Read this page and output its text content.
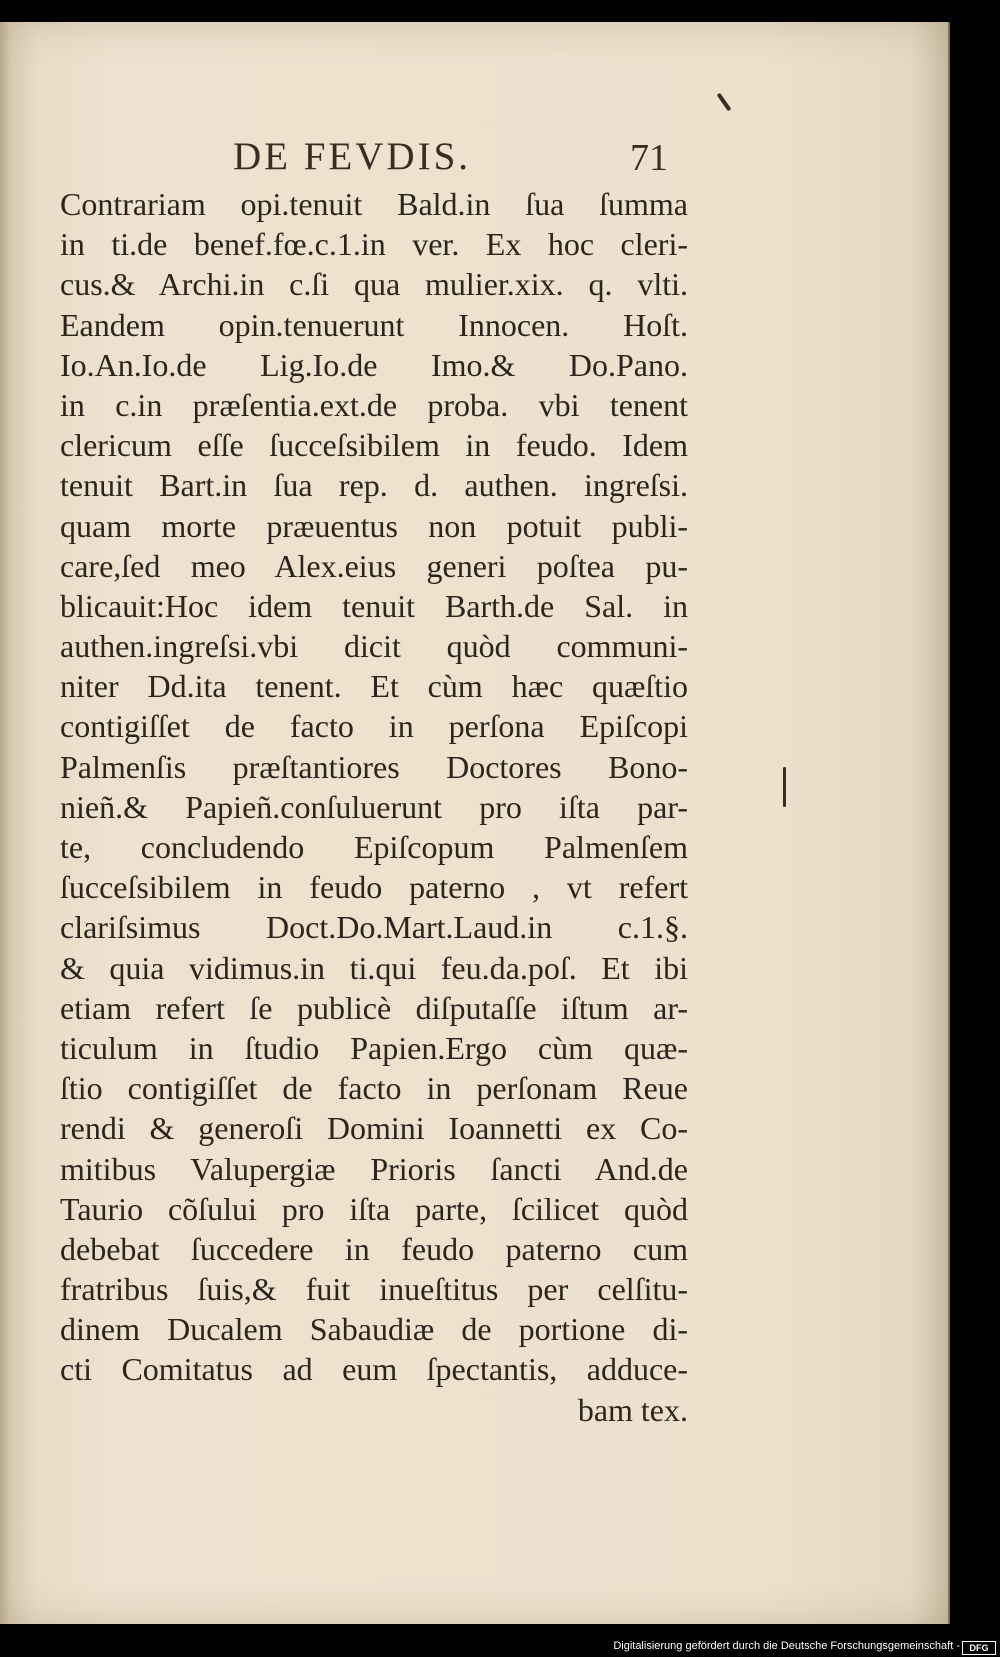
DE FEVDIS.	71
Contrariam opi.tenuit Bald.in ſua ſumma
in ti.de benef.fœ.c.1.in ver. Ex hoc cleri-
cus.& Archi.in c.ſi qua mulier.xix. q. vlti.
Eandem opin.tenuerunt Innocen. Hoſt.
Io.An.Io.de Lig.Io.de Imo.& Do.Pano.
in c.in præſentia.ext.de proba. vbi tenent
clericum eſſe ſucceſsibilem in feudo. Idem
tenuit Bart.in ſua rep. d. authen. ingreſsi.
quam morte præuentus non potuit publi-
care,ſed meo Alex.eius generi poſtea pu-
blicauit:Hoc idem tenuit Barth.de Sal. in
authen.ingreſsi.vbi dicit quòd communi-
niter Dd.ita tenent. Et cùm hæc quæſtio
contigiſſet de facto in perſona Epiſcopi
Palmenſis præſtantiores Doctores Bono-
nieñ.& Papieñ.conſuluerunt pro iſta par-
te, concludendo Epiſcopum Palmenſem
ſucceſsibilem in feudo paterno , vt refert
clariſsimus Doct.Do.Mart.Laud.in c.1.§.
& quia vidimus.in ti.qui feu.da.poſ. Et ibi
etiam refert ſe publicè diſputaſſe iſtum ar-
ticulum in ſtudio Papien.Ergo cùm quæ-
ſtio contigiſſet de facto in perſonam Reue
rendi & generoſi Domini Ioannetti ex Co-
mitibus Valupergiæ Prioris ſancti And.de
Taurio cõſului pro iſta parte, ſcilicet quòd
debebat ſuccedere in feudo paterno cum
fratribus ſuis,& fuit inueſtitus per celſitu-
dinem Ducalem Sabaudiæ de portione di-
cti Comitatus ad eum ſpectantis, adduce-
bam tex.
Digitalisierung gefördert durch die Deutsche Forschungsgemeinschaft -	DFG
